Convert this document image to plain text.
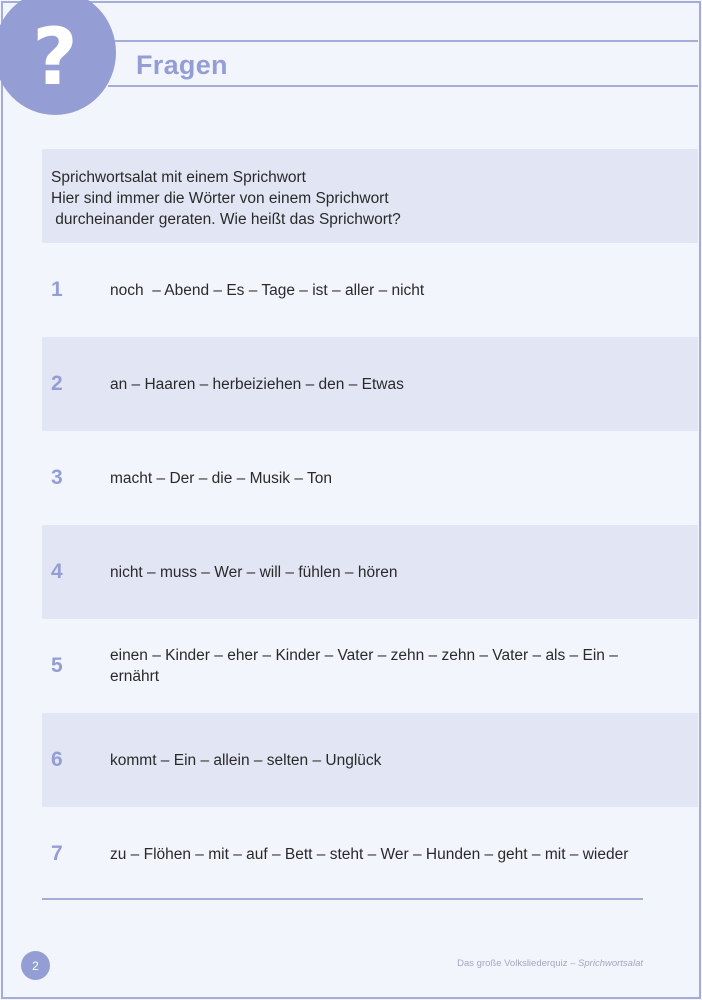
? Fragen
Sprichwortsalat mit einem Sprichwort
Hier sind immer die Wörter von einem Sprichwort
durcheinander geraten. Wie heißt das Sprichwort?
1	noch  – Abend – Es – Tage – ist – aller – nicht
2	an – Haaren – herbeiziehen – den – Etwas
3	macht – Der – die – Musik – Ton
4	nicht – muss – Wer – will – fühlen – hören
5	einen – Kinder – eher – Kinder – Vater – zehn – zehn – Vater – als – Ein – ernährt
6	kommt – Ein – allein – selten – Unglück
7	zu – Flöhen – mit – auf – Bett – steht – Wer – Hunden – geht – mit – wieder
2	Das große Volksliederquiz – Sprichwortsalat
